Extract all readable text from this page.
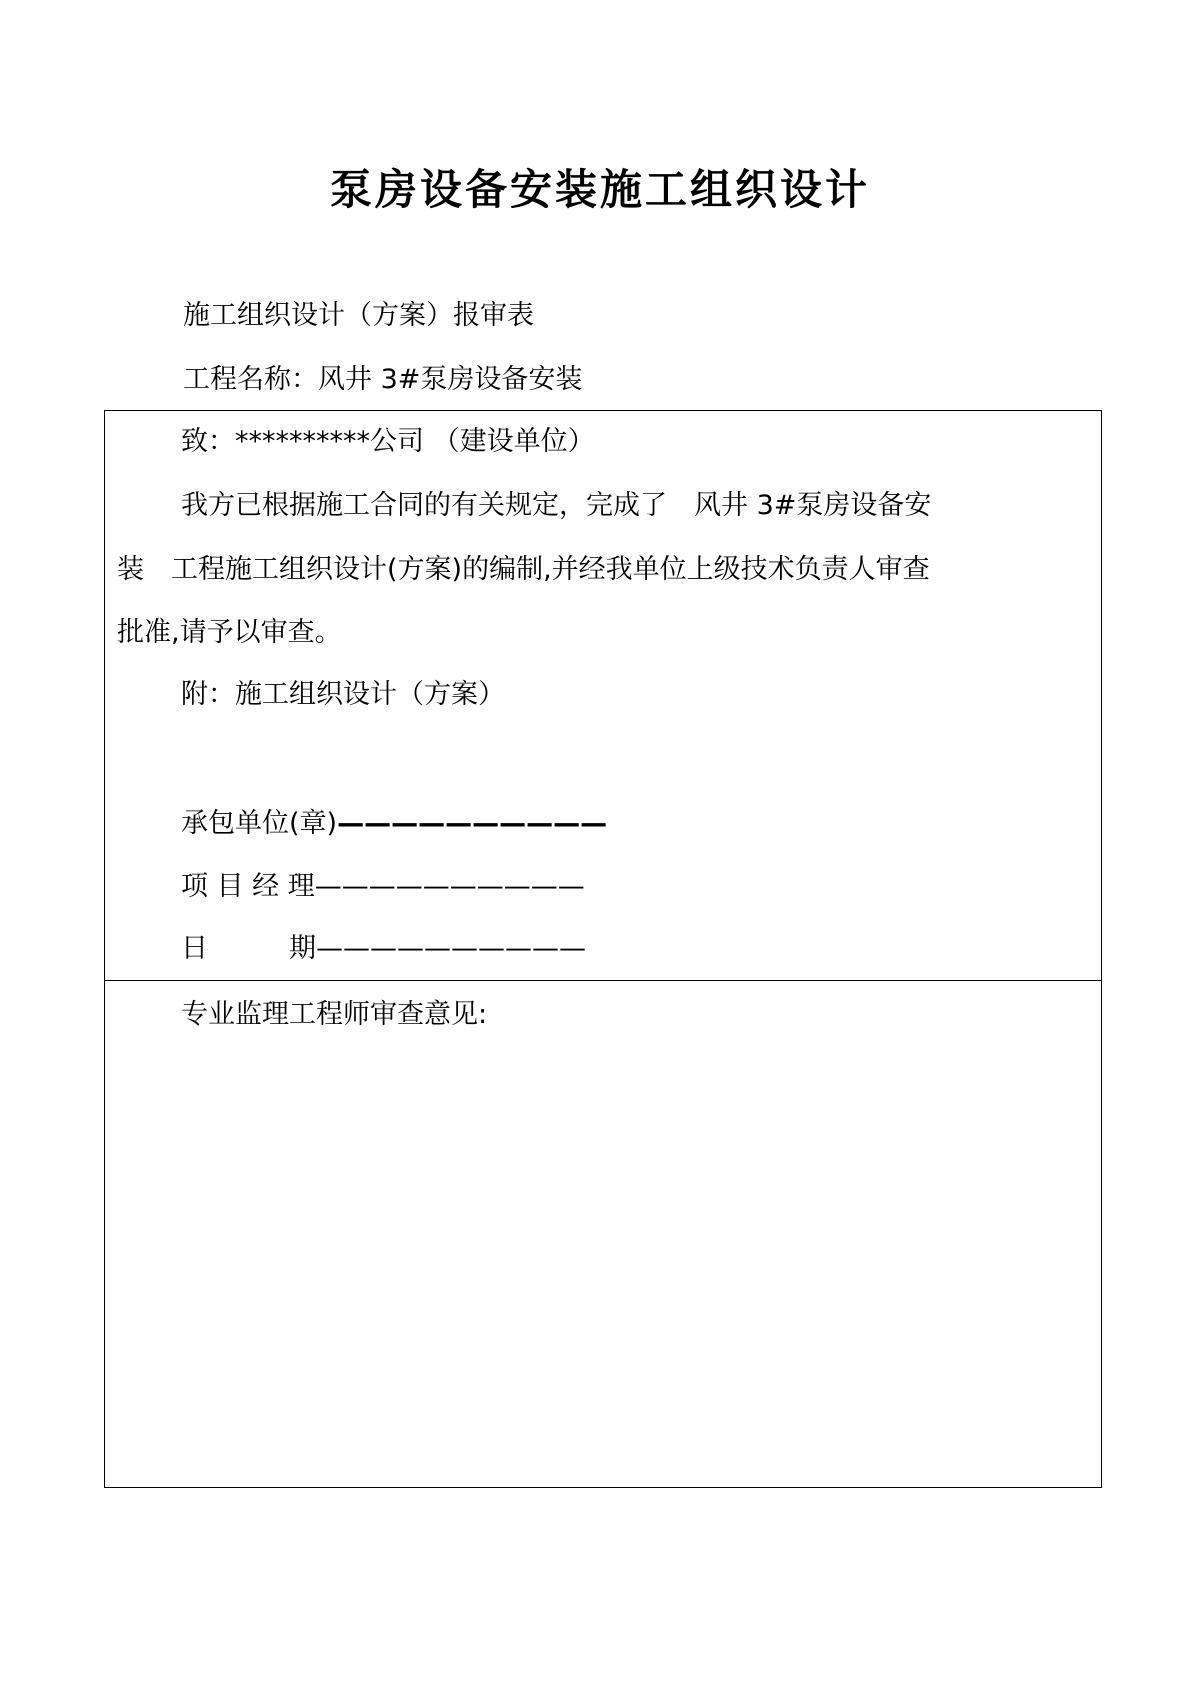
泵房设备安装施工组织设计
施工组织设计（方案）报审表
工程名称：风井 3#泵房设备安装
致：**********公司 （建设单位）
我方已根据施工合同的有关规定，完成了　风井 3#泵房设备安
装　工程施工组织设计(方案)的编制,并经我单位上级技术负责人审查
批准,请予以审查。
附：施工组织设计（方案）
承包单位(章)——————————
项 目 经 理——————————
日　　　期——————————
专业监理工程师审查意见:
